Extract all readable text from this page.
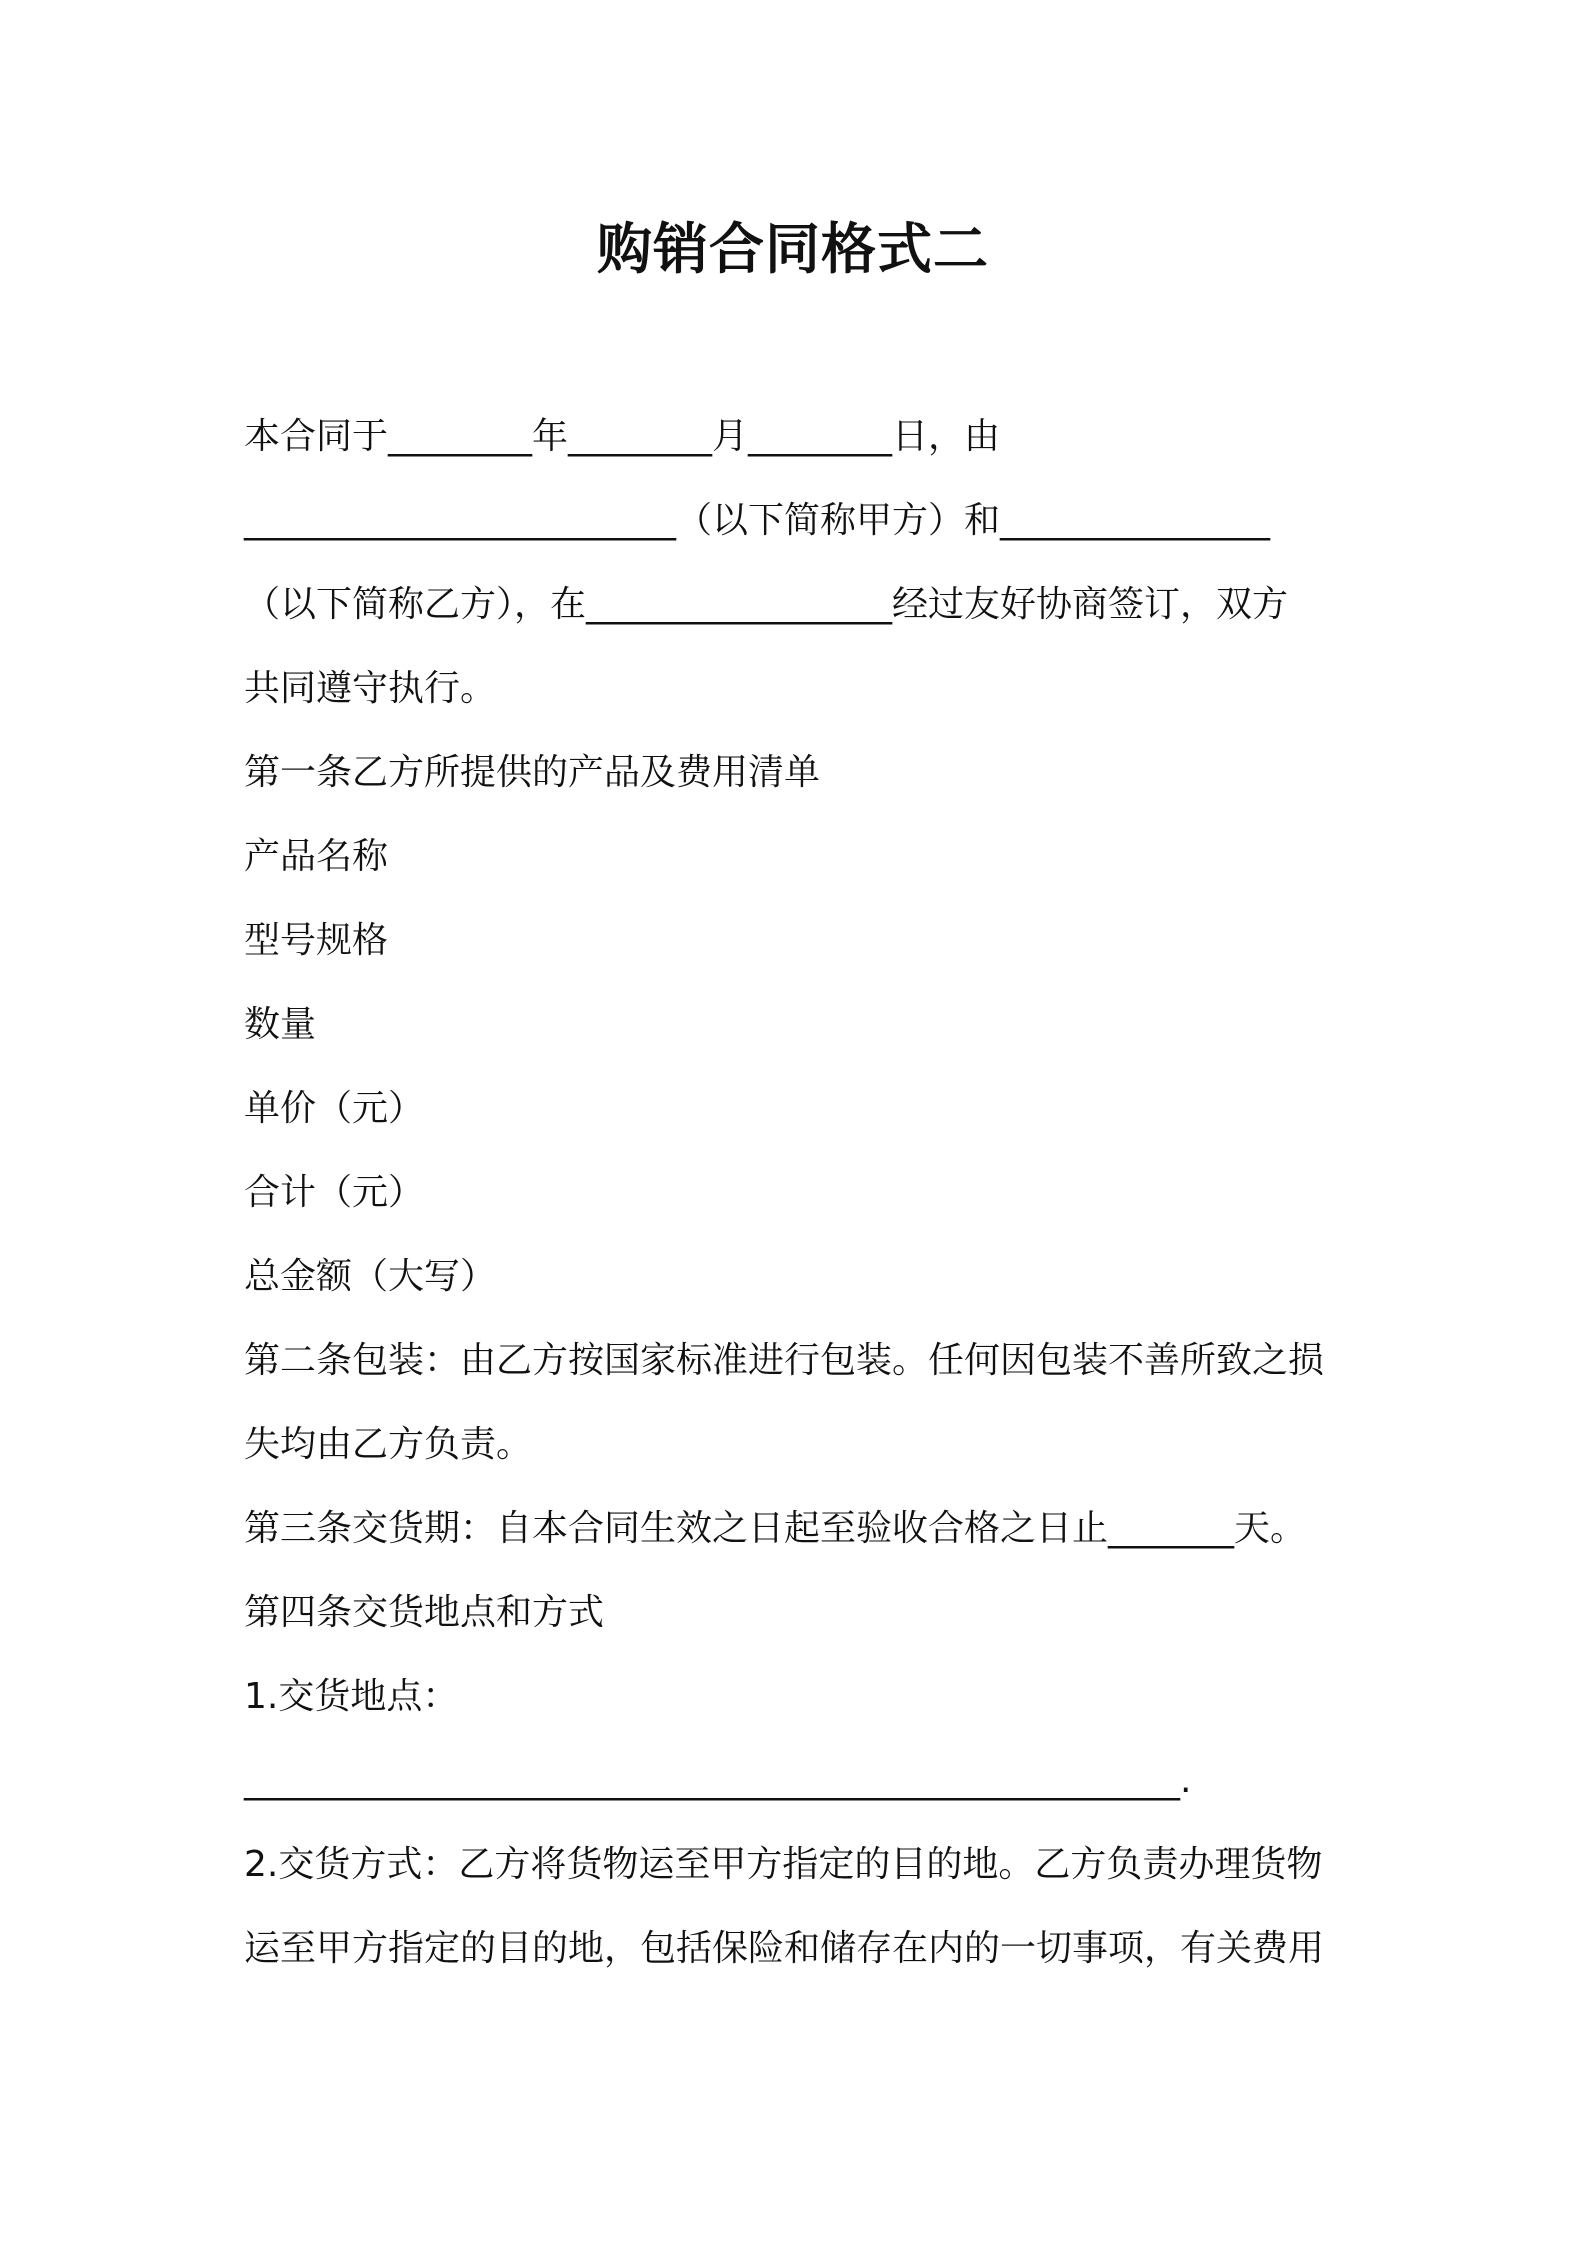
购销合同格式二
本合同于________年________月________日，由
________________________（以下简称甲方）和_______________
（以下简称乙方），在_________________经过友好协商签订，双方
共同遵守执行。
第一条乙方所提供的产品及费用清单
产品名称
型号规格
数量
单价（元）
合计（元）
总金额（大写）
第二条包装：由乙方按国家标准进行包装。任何因包装不善所致之损
失均由乙方负责。
第三条交货期：自本合同生效之日起至验收合格之日止_______天。
第四条交货地点和方式
1.交货地点：
____________________________________________________.
2.交货方式：乙方将货物运至甲方指定的目的地。乙方负责办理货物
运至甲方指定的目的地，包括保险和储存在内的一切事项，有关费用
